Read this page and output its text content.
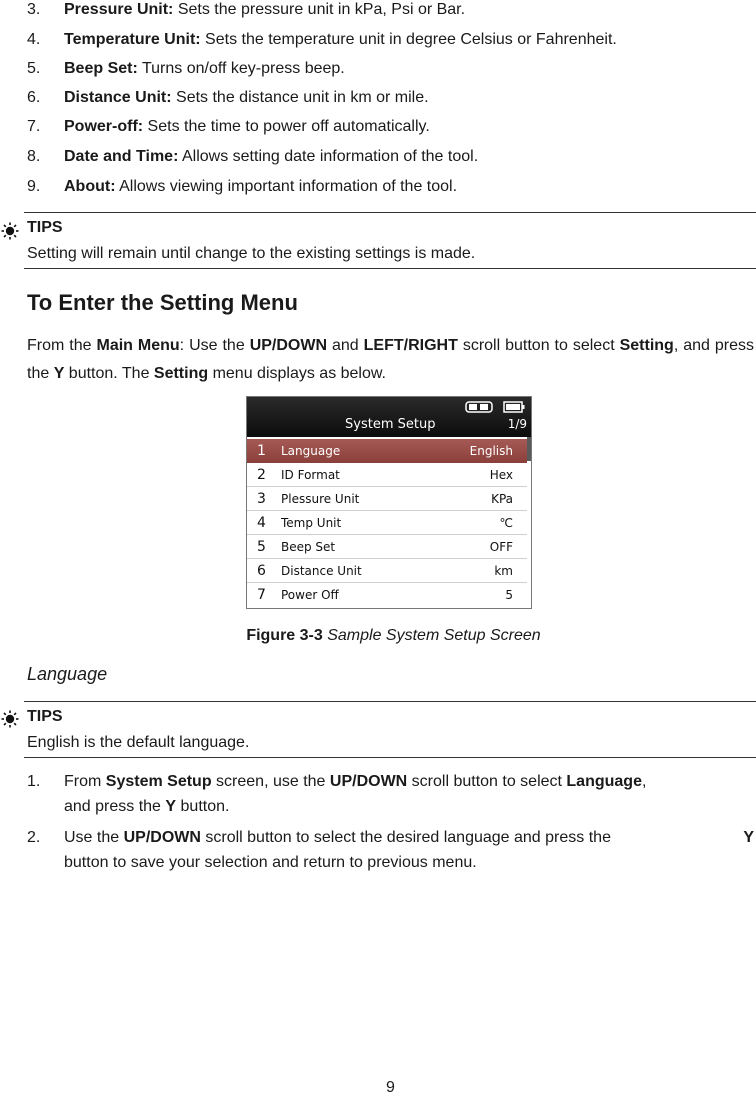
3. Pressure Unit: Sets the pressure unit in kPa, Psi or Bar.
4. Temperature Unit: Sets the temperature unit in degree Celsius or Fahrenheit.
5. Beep Set: Turns on/off key-press beep.
6. Distance Unit: Sets the distance unit in km or mile.
7. Power-off: Sets the time to power off automatically.
8. Date and Time: Allows setting date information of the tool.
9. About: Allows viewing important information of the tool.
TIPS
Setting will remain until change to the existing settings is made.
To Enter the Setting Menu
From the Main Menu: Use the UP/DOWN and LEFT/RIGHT scroll button to select Setting, and press the Y button. The Setting menu displays as below.
System Setup	1/9
1 Language	English
2 ID Format	Hex
3 Plessure Unit	KPa
4 Temp Unit	℃
5 Beep Set	OFF
6 Distance Unit	km
7 Power Off	5
Figure 3-3 Sample System Setup Screen
Language
TIPS
English is the default language.
1. From System Setup screen, use the UP/DOWN scroll button to select Language,
and press the Y button.
2. Use the UP/DOWN scroll button to select the desired language and press the	Y
button to save your selection and return to previous menu.
9
